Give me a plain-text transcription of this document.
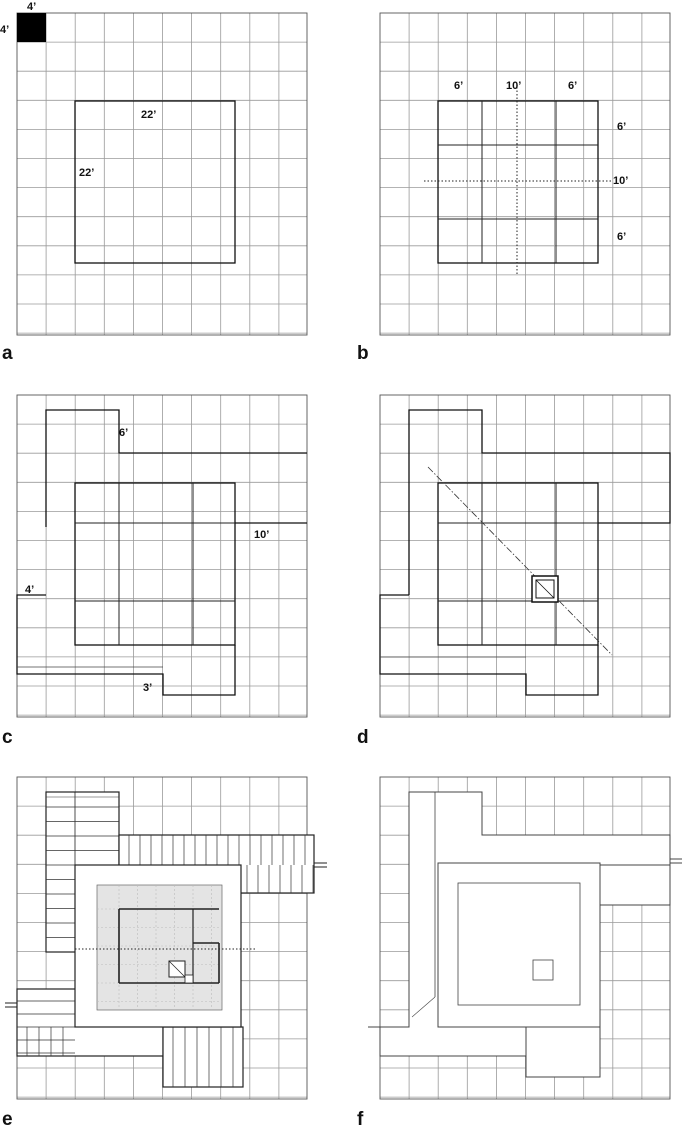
4’
4’
22’
22’
a
6’	10’	6’
6’
10’
6’
b
6’
10’
4’
3’
c	d
e	f
